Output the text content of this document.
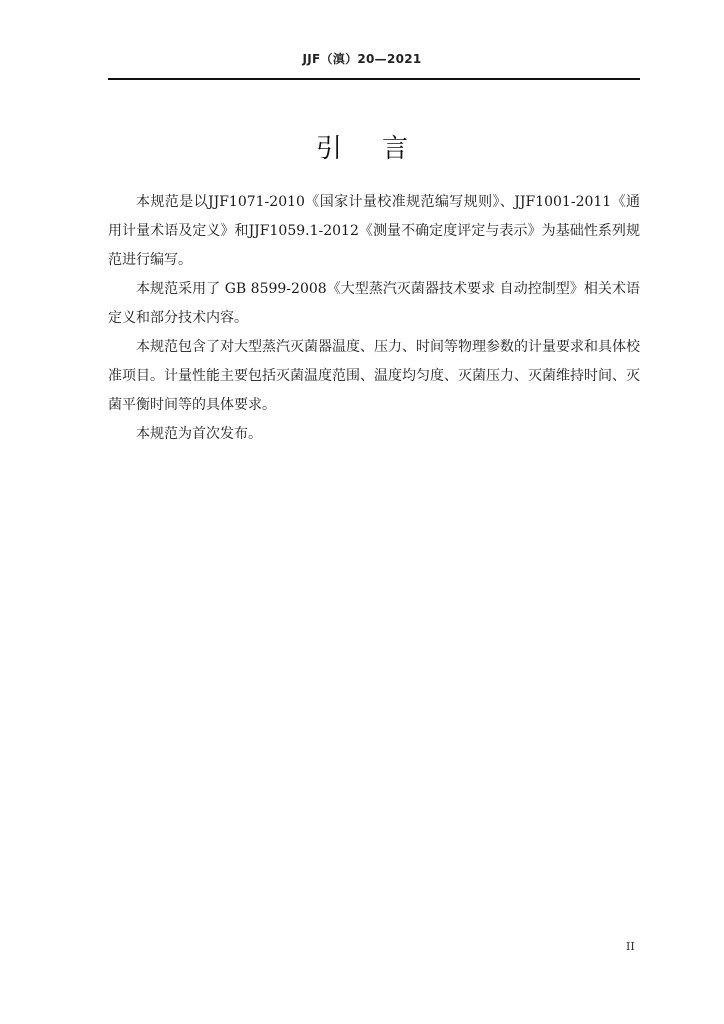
JJF（滇）20—2021
引言

本规范是以JJF1071-2010《国家计量校准规范编写规则》、JJF1001-2011《通用计量术语及定义》和JJF1059.1-2012《测量不确定度评定与表示》为基础性系列规范进行编写。

本规范采用了 GB 8599-2008《大型蒸汽灭菌器技术要求 自动控制型》相关术语定义和部分技术内容。

本规范包含了对大型蒸汽灭菌器温度、压力、时间等物理参数的计量要求和具体校准项目。计量性能主要包括灭菌温度范围、温度均匀度、灭菌压力、灭菌维持时间、灭菌平衡时间等的具体要求。

本规范为首次发布。

II
